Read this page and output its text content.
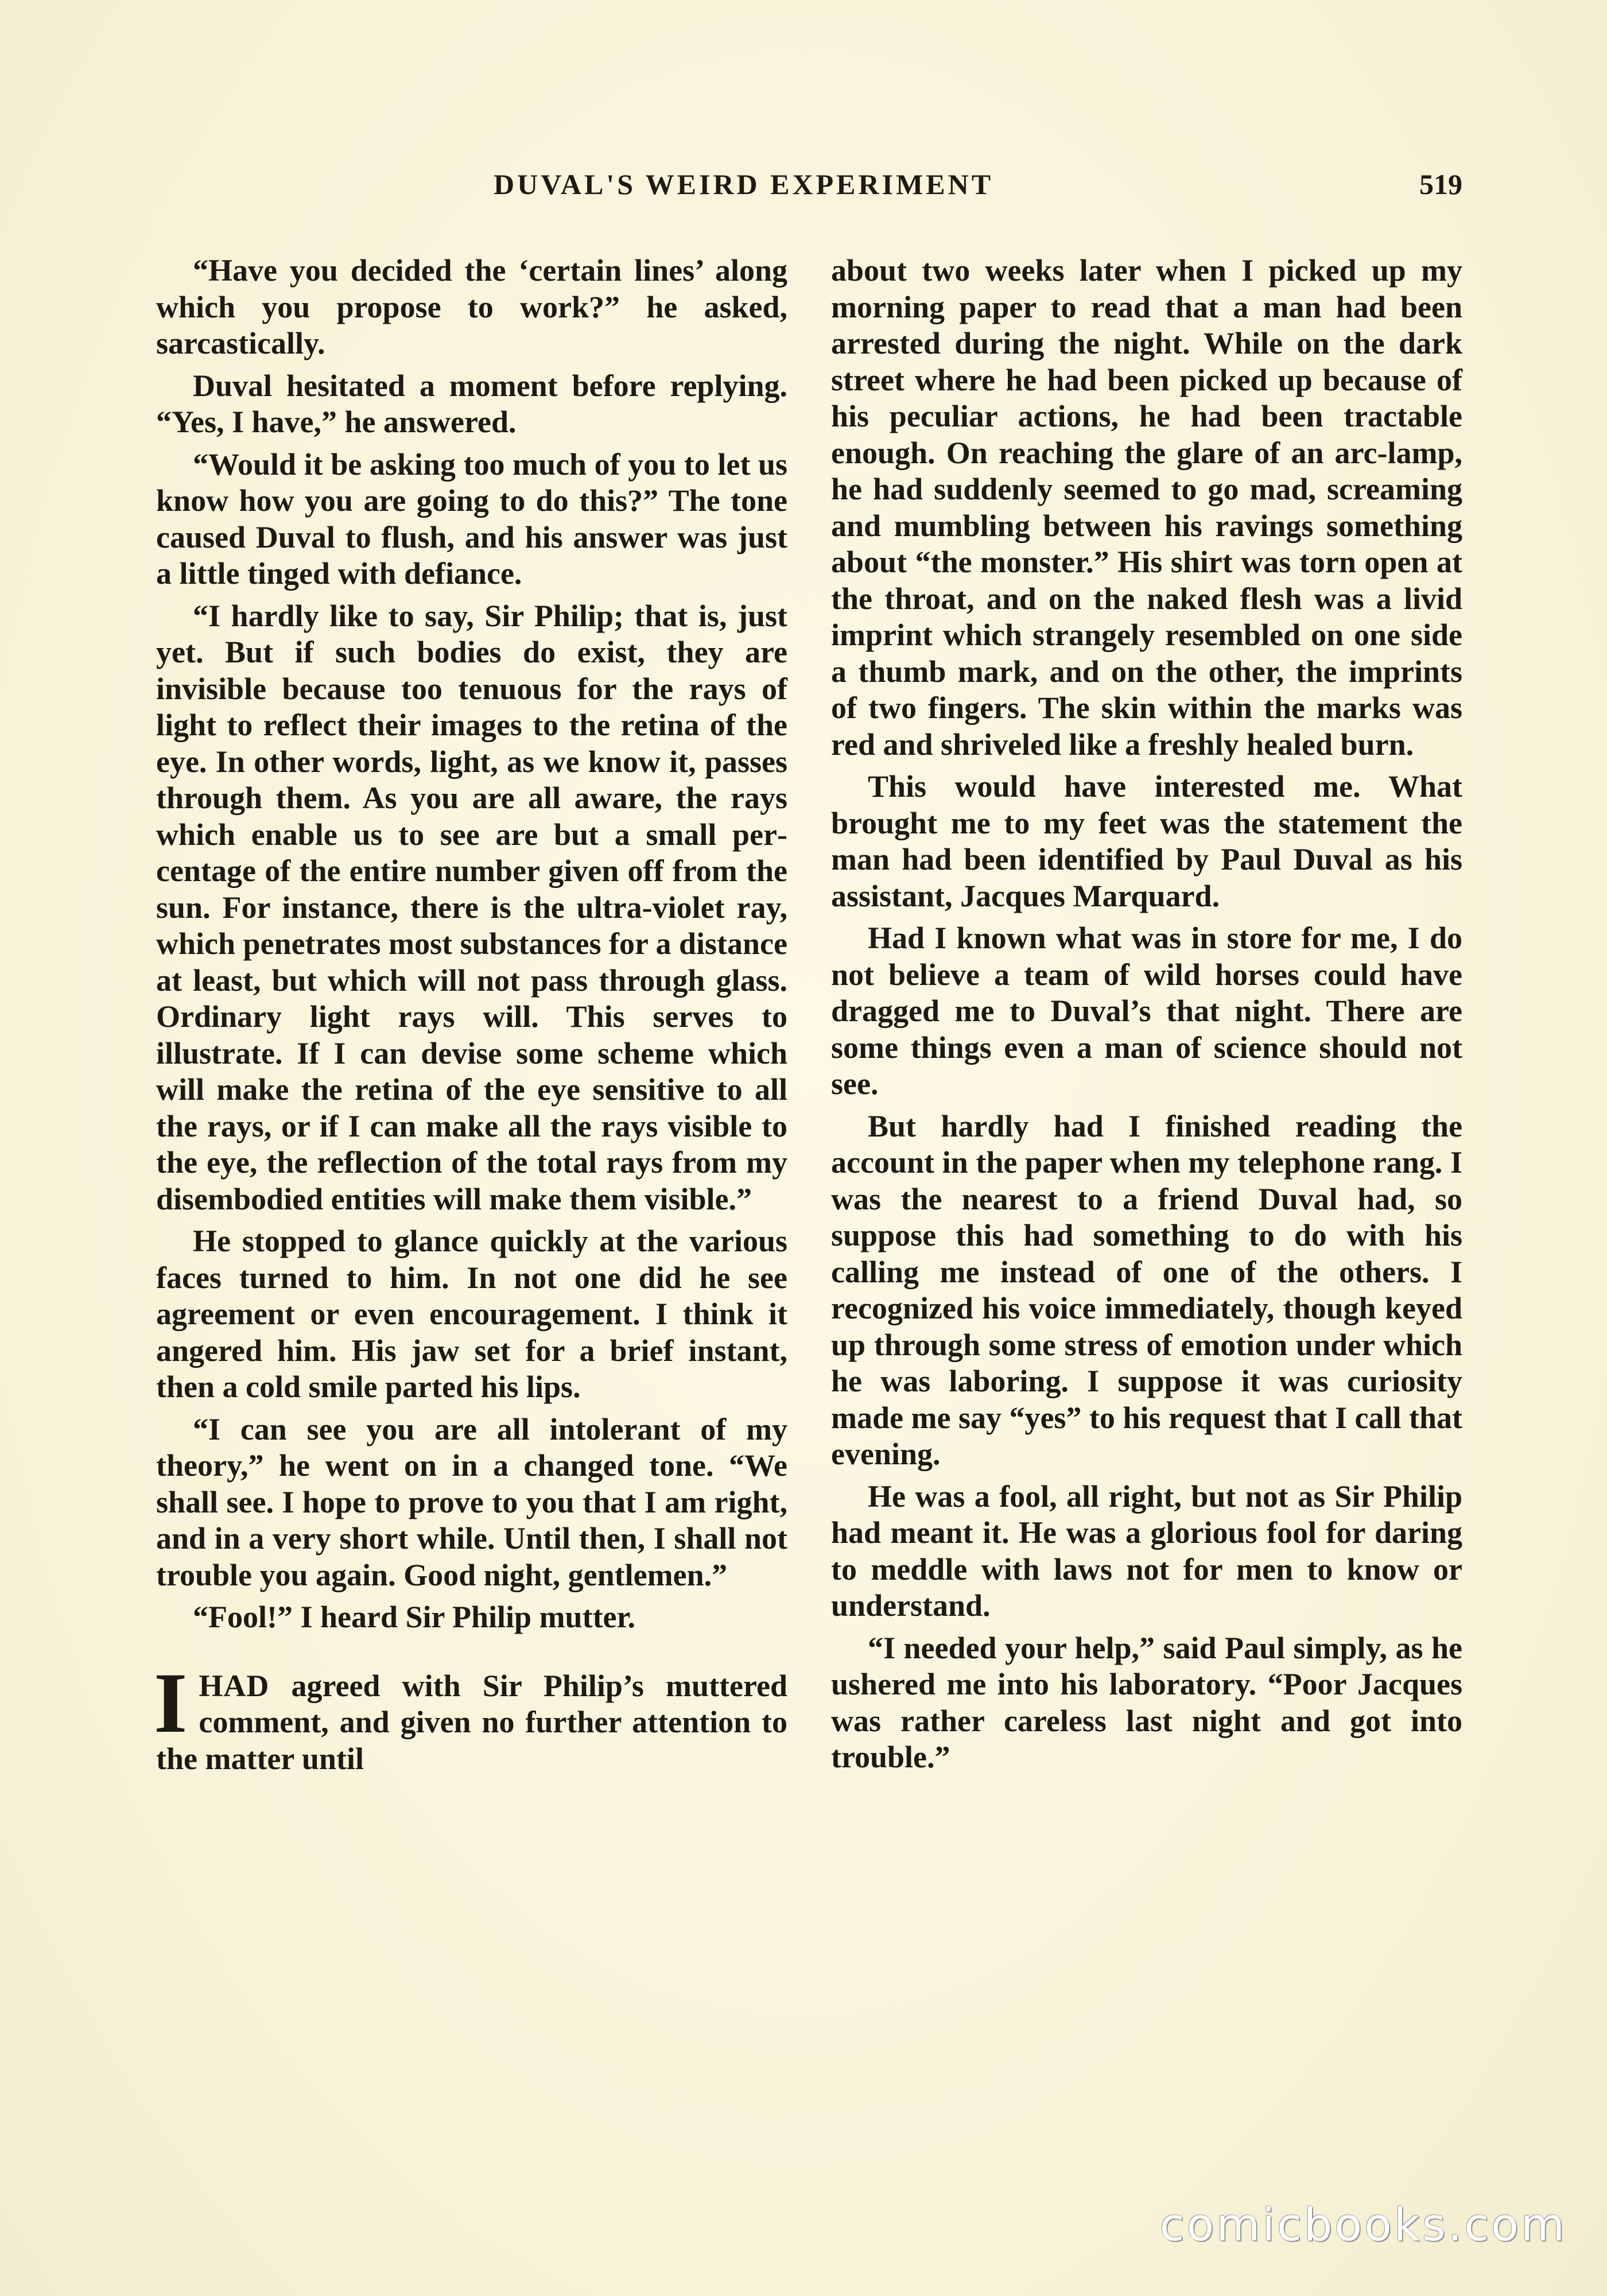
DUVAL'S WEIRD EXPERIMENT	519

“Have you decided the ‘certain lines’ along which you propose to work?” he asked, sarcastically.

Duval hesitated a moment before replying. “Yes, I have,” he answered.

“Would it be asking too much of you to let us know how you are going to do this?” The tone caused Duval to flush, and his answer was just a little tinged with defiance.

“I hardly like to say, Sir Philip; that is, just yet. But if such bodies do exist, they are invisible because too tenuous for the rays of light to reflect their images to the retina of the eye. In other words, light, as we know it, passes through them. As you are all aware, the rays which enable us to see are but a small percentage of the entire number given off from the sun. For instance, there is the ultra-violet ray, which penetrates most substances for a distance at least, but which will not pass through glass. Ordinary light rays will. This serves to illustrate. If I can devise some scheme which will make the retina of the eye sensitive to all the rays, or if I can make all the rays visible to the eye, the reflection of the total rays from my disembodied entities will make them visible.”

He stopped to glance quickly at the various faces turned to him. In not one did he see agreement or even encouragement. I think it angered him. His jaw set for a brief instant, then a cold smile parted his lips.

“I can see you are all intolerant of my theory,” he went on in a changed tone. “We shall see. I hope to prove to you that I am right, and in a very short while. Until then, I shall not trouble you again. Good night, gentlemen.”

“Fool!” I heard Sir Philip mutter.

IHAD agreed with Sir Philip’s muttered comment, and given no further attention to the matter until

about two weeks later when I picked up my morning paper to read that a man had been arrested during the night. While on the dark street where he had been picked up because of his peculiar actions, he had been tractable enough. On reaching the glare of an arc-lamp, he had suddenly seemed to go mad, screaming and mumbling between his ravings something about “the monster.” His shirt was torn open at the throat, and on the naked flesh was a livid imprint which strangely resembled on one side a thumb mark, and on the other, the imprints of two fingers. The skin within the marks was red and shriveled like a freshly healed burn.

This would have interested me. What brought me to my feet was the statement the man had been identified by Paul Duval as his assistant, Jacques Marquard.

Had I known what was in store for me, I do not believe a team of wild horses could have dragged me to Duval’s that night. There are some things even a man of science should not see.

But hardly had I finished reading the account in the paper when my telephone rang. I was the nearest to a friend Duval had, so suppose this had something to do with his calling me instead of one of the others. I recognized his voice immediately, though keyed up through some stress of emotion under which he was laboring. I suppose it was curiosity made me say “yes” to his request that I call that evening.

He was a fool, all right, but not as Sir Philip had meant it. He was a glorious fool for daring to meddle with laws not for men to know or understand.

“I needed your help,” said Paul simply, as he ushered me into his laboratory. “Poor Jacques was rather careless last night and got into trouble.”

comicbooks.com
